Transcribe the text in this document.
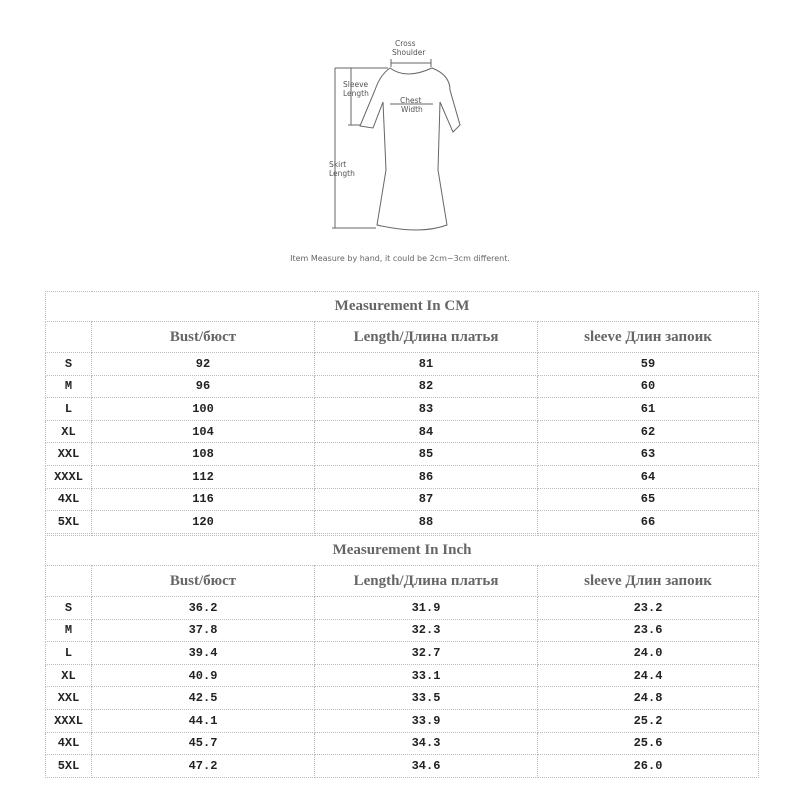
Cross
Shoulder
Sleeve
Length
Chest
Width
Skirt
Length
Item Measure by hand, it could be 2cm~3cm different.
Measurement In CM			
	Bust/бюст	Length/Длина платья	sleeve Длин запоик
S	92	81	59
M	96	82	60
L	100	83	61
XL	104	84	62
XXL	108	85	63
XXXL	112	86	64
4XL	116	87	65
5XL	120	88	66
Measurement In Inch			
	Bust/бюст	Length/Длина платья	sleeve Длин запоик
S	36.2	31.9	23.2
M	37.8	32.3	23.6
L	39.4	32.7	24.0
XL	40.9	33.1	24.4
XXL	42.5	33.5	24.8
XXXL	44.1	33.9	25.2
4XL	45.7	34.3	25.6
5XL	47.2	34.6	26.0
